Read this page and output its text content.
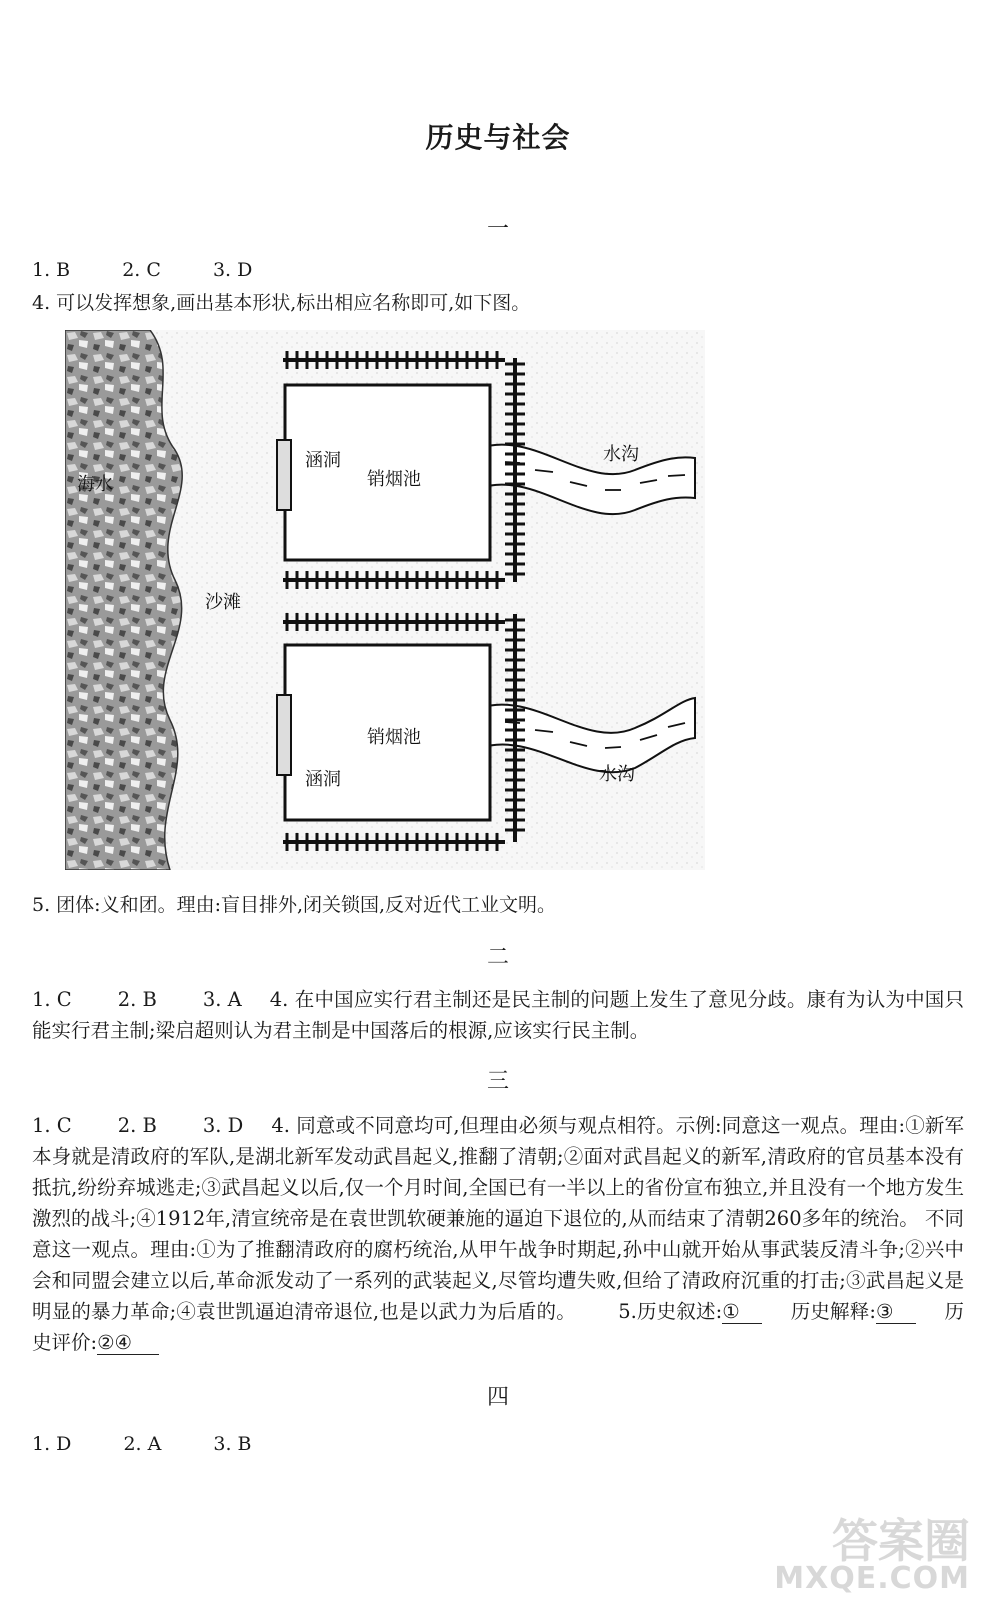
历史与社会
一
1. B	2. C	3. D
4. 可以发挥想象,画出基本形状,标出相应名称即可,如下图。
海水
沙滩
涵洞
销烟池
水沟
销烟池
涵洞	水沟
5. 团体:义和团。理由:盲目排外,闭关锁国,反对近代工业文明。
二
1. C 2. B 3. A 4. 在中国应实行君主制还是民主制的问题上发生了意见分歧。康有为认为中国只能实行君主制;梁启超则认为君主制是中国落后的根源,应该实行民主制。
三
1. C 2. B 3. D 4. 同意或不同意均可,但理由必须与观点相符。示例:同意这一观点。理由:①新军本身就是清政府的军队,是湖北新军发动武昌起义,推翻了清朝;②面对武昌起义的新军,清政府的官员基本没有抵抗,纷纷弃城逃走;③武昌起义以后,仅一个月时间,全国已有一半以上的省份宣布独立,并且没有一个地方发生激烈的战斗;④1912年,清宣统帝是在袁世凯软硬兼施的逼迫下退位的,从而结束了清朝260多年的统治。 不同意这一观点。理由:①为了推翻清政府的腐朽统治,从甲午战争时期起,孙中山就开始从事武装反清斗争;②兴中会和同盟会建立以后,革命派发动了一系列的武装起义,尽管均遭失败,但给了清政府沉重的打击;③武昌起义是明显的暴力革命;④袁世凯逼迫清帝退位,也是以武力为后盾的。 5.历史叙述:①	历史解释:③	历史评价:②④
四
1. D	2. A	3. B
答案圈
MXQE.COM
